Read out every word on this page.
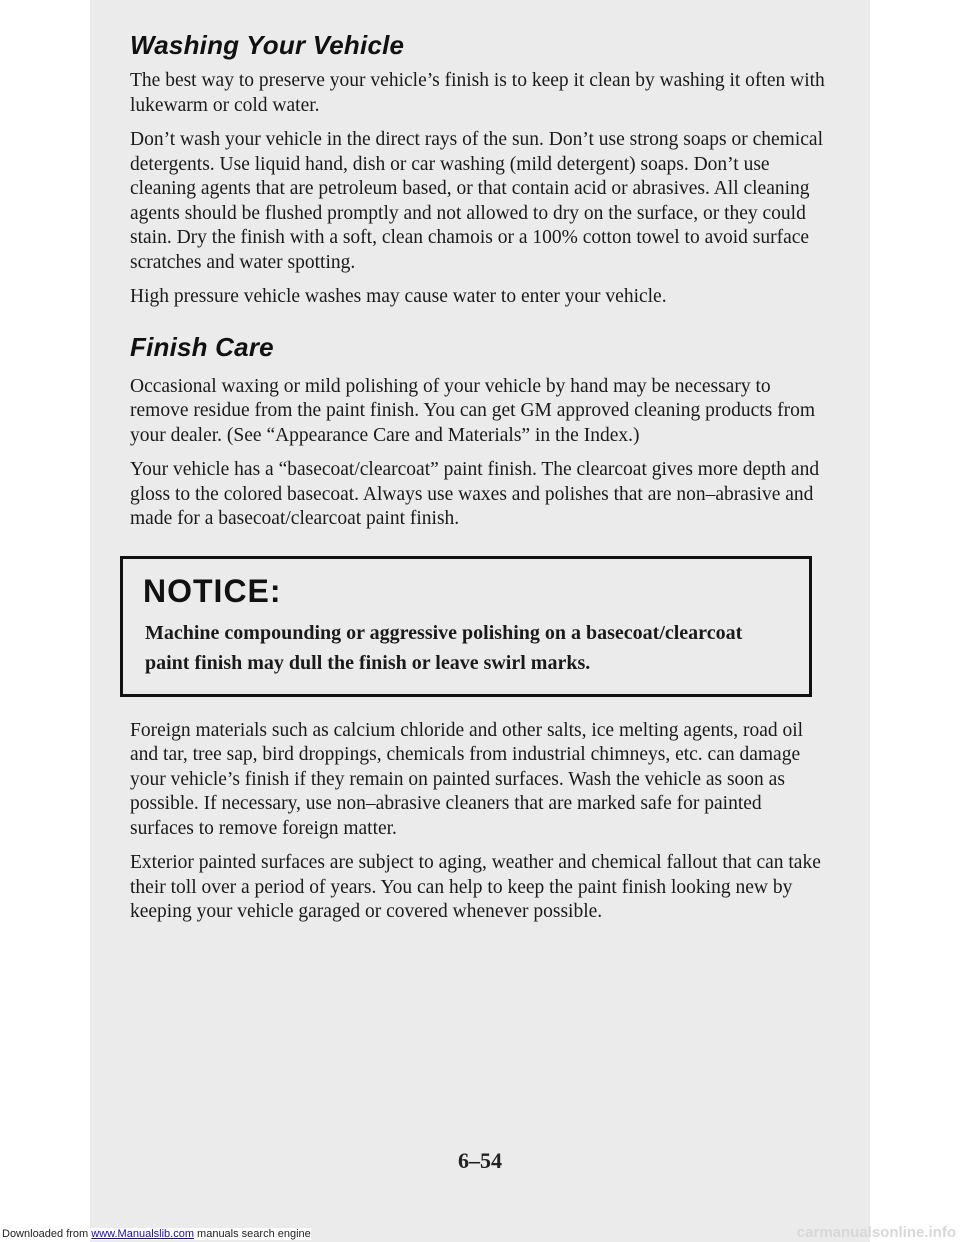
Washing Your Vehicle

The best way to preserve your vehicle’s finish is to keep it clean by washing it often with lukewarm or cold water.

Don’t wash your vehicle in the direct rays of the sun. Don’t use strong soaps or chemical detergents. Use liquid hand, dish or car washing (mild detergent) soaps. Don’t use cleaning agents that are petroleum based, or that contain acid or abrasives. All cleaning agents should be flushed promptly and not allowed to dry on the surface, or they could stain. Dry the finish with a soft, clean chamois or a 100% cotton towel to avoid surface scratches and water spotting.

High pressure vehicle washes may cause water to enter your vehicle.

Finish Care

Occasional waxing or mild polishing of your vehicle by hand may be necessary to remove residue from the paint finish. You can get GM approved cleaning products from your dealer. (See “Appearance Care and Materials” in the Index.)

Your vehicle has a “basecoat/clearcoat” paint finish. The clearcoat gives more depth and gloss to the colored basecoat. Always use waxes and polishes that are non–abrasive and made for a basecoat/clearcoat paint finish.

NOTICE:
Machine compounding or aggressive polishing on a basecoat/clearcoat paint finish may dull the finish or leave swirl marks.

Foreign materials such as calcium chloride and other salts, ice melting agents, road oil and tar, tree sap, bird droppings, chemicals from industrial chimneys, etc. can damage your vehicle’s finish if they remain on painted surfaces. Wash the vehicle as soon as possible. If necessary, use non–abrasive cleaners that are marked safe for painted surfaces to remove foreign matter.

Exterior painted surfaces are subject to aging, weather and chemical fallout that can take their toll over a period of years. You can help to keep the paint finish looking new by keeping your vehicle garaged or covered whenever possible.

6–54
Downloaded from www.Manualslib.com manuals search engine	carmanualsonline.info
